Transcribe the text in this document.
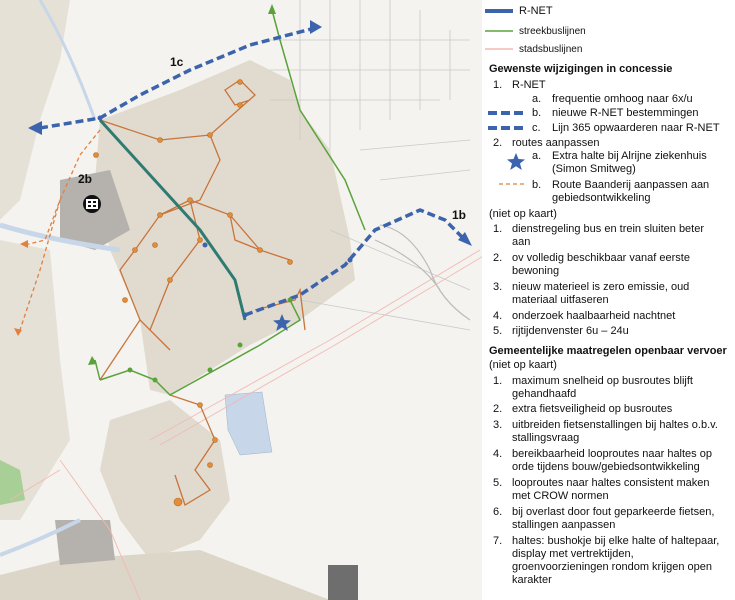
1c
2b
1b
R-NET
streekbuslijnen
stadsbuslijnen
Gewenste wijzigingen in concessie
1. R-NET
a. frequentie omhoog naar 6x/u
b. nieuwe R-NET bestemmingen
c. Lijn 365 opwaarderen naar R-NET
2. routes aanpassen
a. Extra halte bij Alrijne ziekenhuis
(Simon Smitweg)
b. Route Baanderij aanpassen aan
gebiedsontwikkeling
(niet op kaart)
1. dienstregeling bus en trein sluiten beter
aan
2. ov volledig beschikbaar vanaf eerste
bewoning
3. nieuw materieel is zero emissie, oud
materiaal uitfaseren
4. onderzoek haalbaarheid nachtnet
5. rijtijdenvenster 6u – 24u
Gemeentelijke maatregelen openbaar vervoer
(niet op kaart)
1. maximum snelheid op busroutes blijft
gehandhaafd
2. extra fietsveiligheid op busroutes
3. uitbreiden fietsenstallingen bij haltes o.b.v.
stallingsvraag
4. bereikbaarheid looproutes naar haltes op
orde tijdens bouw/gebiedsontwikkeling
5. looproutes naar haltes consistent maken
met CROW normen
6. bij overlast door fout geparkeerde fietsen,
stallingen aanpassen
7. haltes: bushokje bij elke halte of haltepaar,
display met vertrektijden,
groenvoorzieningen rondom krijgen open
karakter
